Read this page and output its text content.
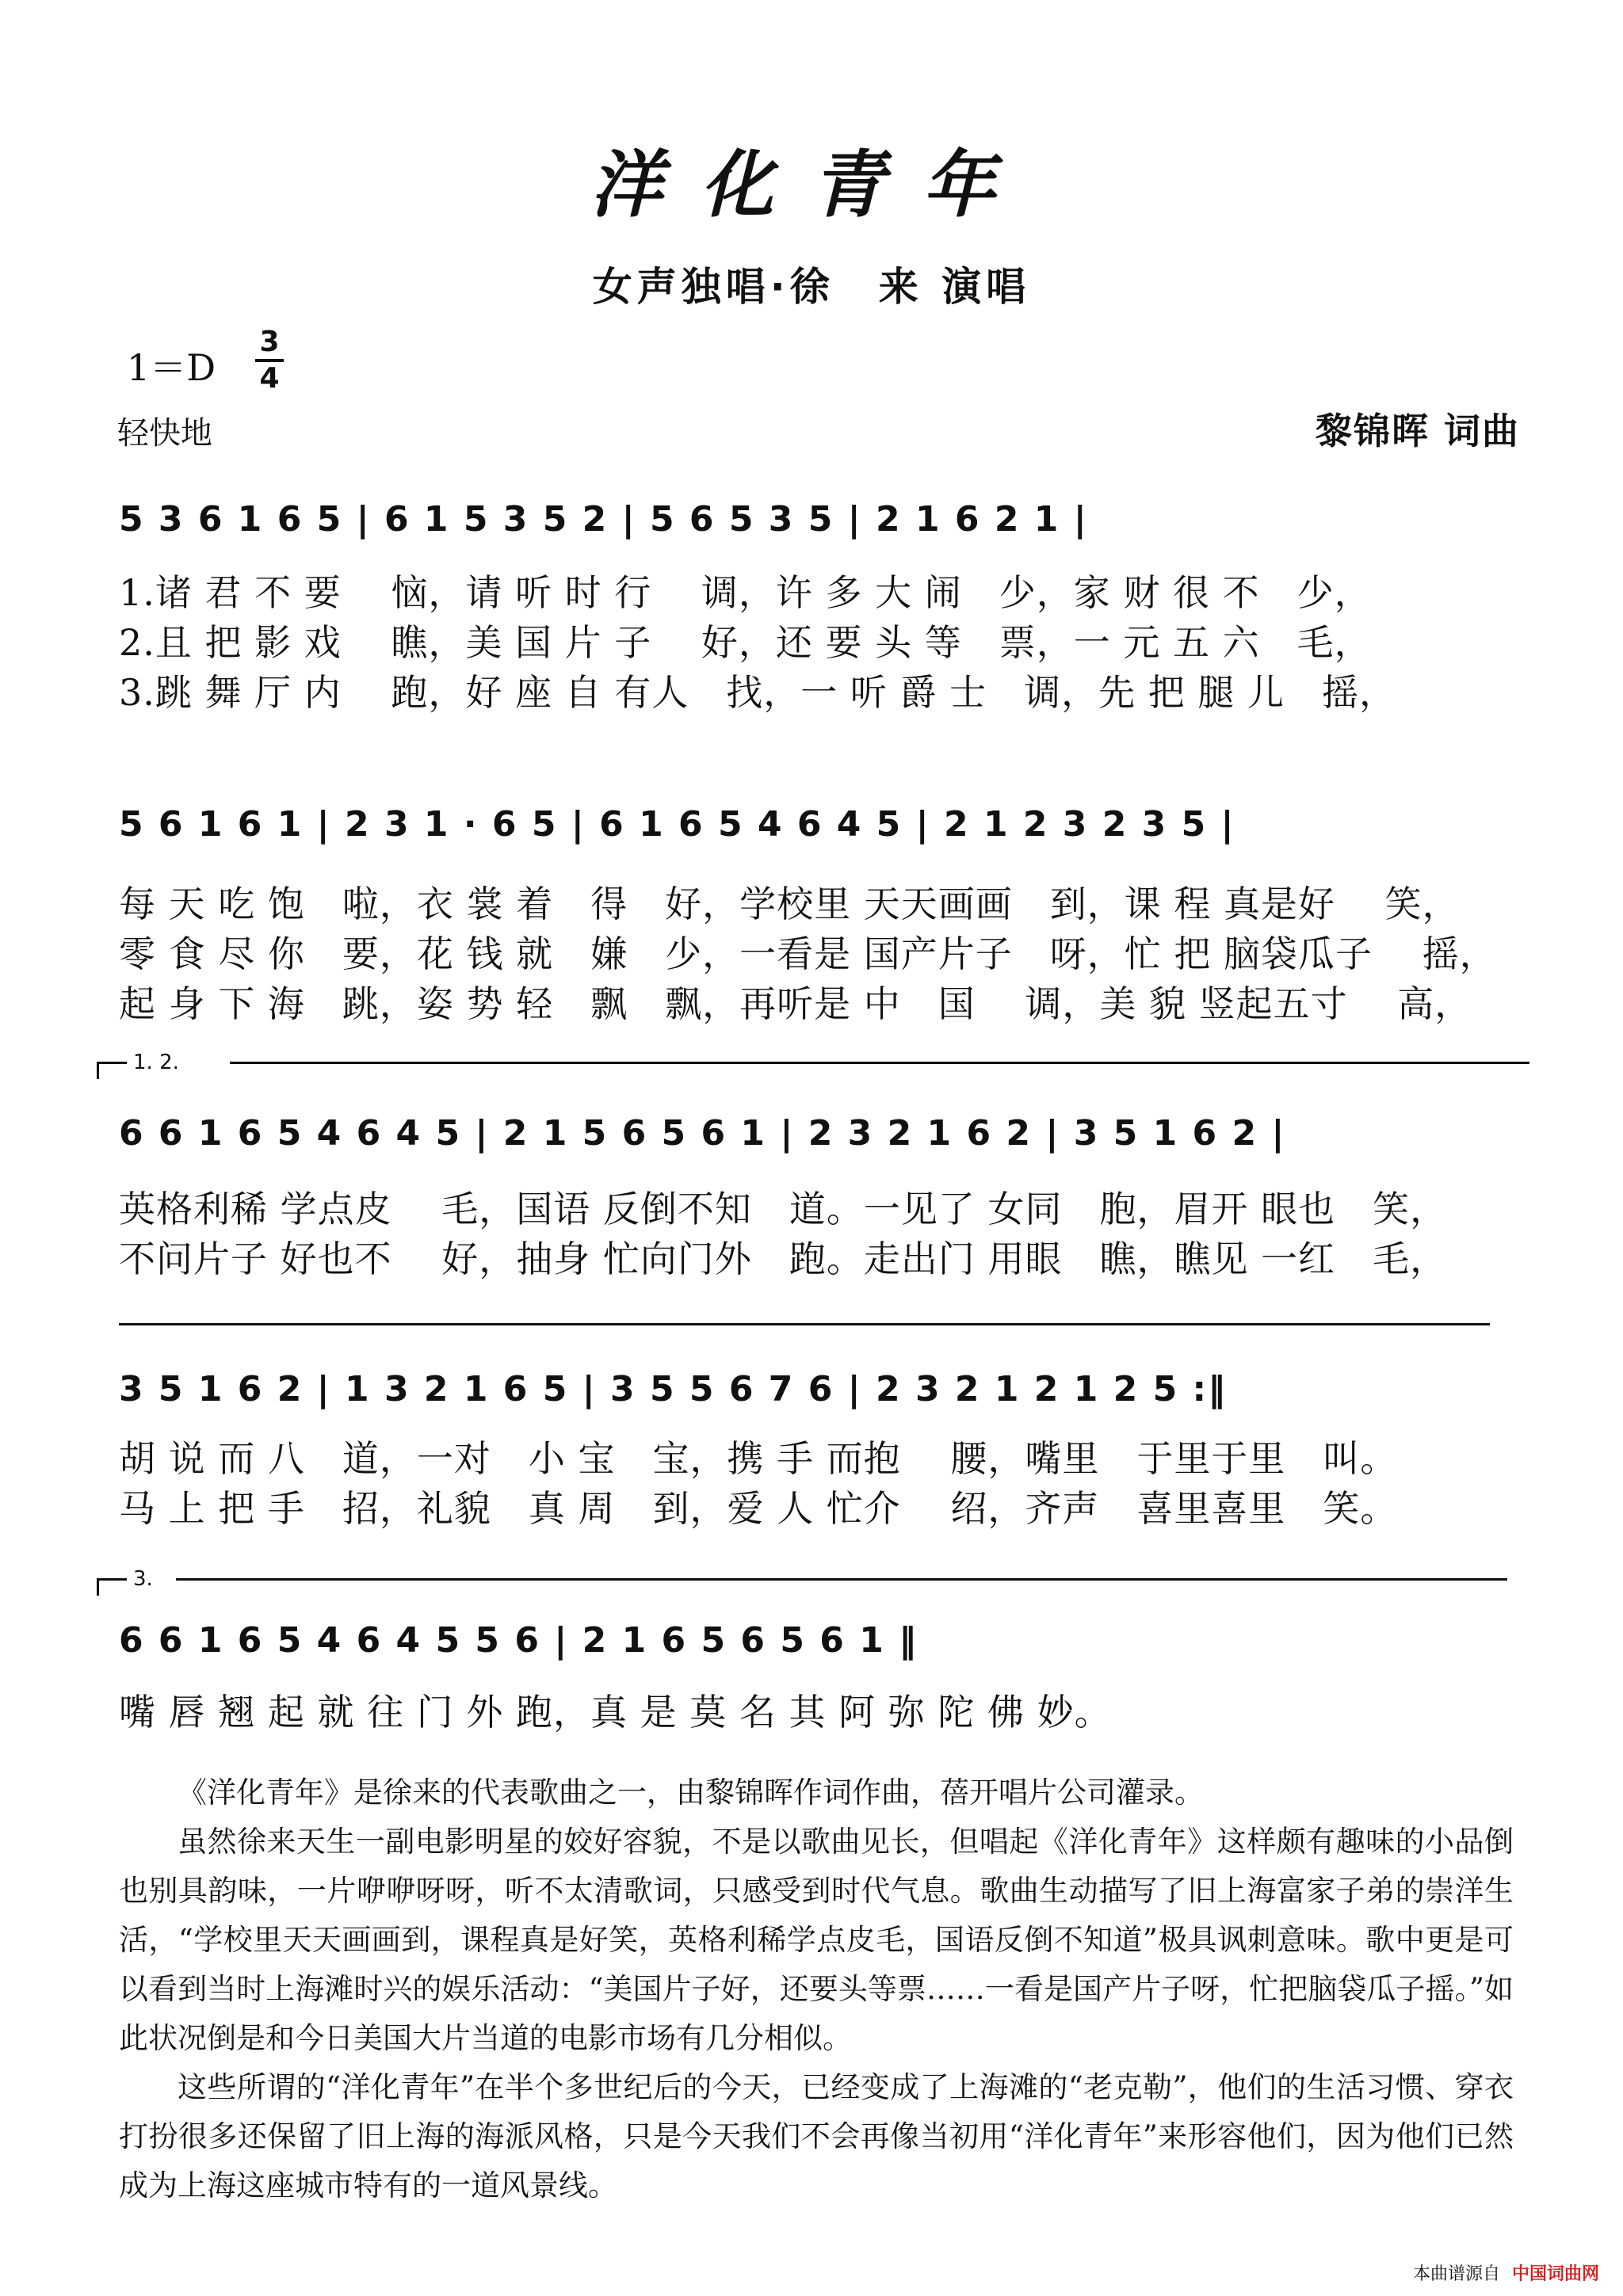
洋化青年
女声独唱·徐　来 演唱
1＝D
3
4
轻快地	黎锦晖 词曲
5 3 6 1 6 5 | 6 1 5 3 5 2 | 5 6 5 3 5 | 2 1 6 2 1 |
1.诸 君 不 要　 恼，请 听 时 行　 调，许 多 大 闹　少，家 财 很 不　少，
2.且 把 影 戏　 瞧，美 国 片 子　 好，还 要 头 等　票，一 元 五 六　毛，
3.跳 舞 厅 内　 跑，好 座 自 有人　找，一 听 爵 士　调，先 把 腿 儿　摇，
5 6 1 6 1 | 2 3 1 · 6 5 | 6 1 6 5 4 6 4 5 | 2 1 2 3 2 3 5 |
每 天 吃 饱　啦，衣 裳 着　得　好，学校里 天天画画　到，课 程 真是好　 笑，
零 食 尽 你　要，花 钱 就　嫌　少，一看是 国产片子　呀，忙 把 脑袋瓜子　 摇，
起 身 下 海　跳，姿 势 轻　飘　飘，再听是 中　国　 调，美 貌 竖起五寸　 高，
1. 2.
6 6 1 6 5 4 6 4 5 | 2 1 5 6 5 6 1 | 2 3 2 1 6 2 | 3 5 1 6 2 |
英格利稀 学点皮　 毛，国语 反倒不知　道。一见了 女同　胞，眉开 眼也　笑，
不问片子 好也不　 好，抽身 忙向门外　跑。走出门 用眼　瞧，瞧见 一红　毛，
3 5 1 6 2 | 1 3 2 1 6 5 | 3 5 5 6 7 6 | 2 3 2 1 2 1 2 5 :‖
胡 说 而 八　道，一对　小 宝　宝，携 手 而抱　 腰，嘴里　于里于里　叫。
马 上 把 手　招，礼貌　真 周　到，爱 人 忙介　 绍，齐声　喜里喜里　笑。
3.
6 6 1 6 5 4 6 4 5 5 6 | 2 1 6 5 6 5 6 1 ‖
嘴 唇 翘 起 就 往 门 外 跑，真 是 莫 名 其 阿 弥 陀 佛 妙。

《洋化青年》是徐来的代表歌曲之一，由黎锦晖作词作曲，蓓开唱片公司灌录。

虽然徐来天生一副电影明星的姣好容貌，不是以歌曲见长，但唱起《洋化青年》这样颇有趣味的小品倒也别具韵味，一片咿咿呀呀，听不太清歌词，只感受到时代气息。歌曲生动描写了旧上海富家子弟的崇洋生活，“学校里天天画画到，课程真是好笑，英格利稀学点皮毛，国语反倒不知道”极具讽刺意味。歌中更是可以看到当时上海滩时兴的娱乐活动：“美国片子好，还要头等票……一看是国产片子呀，忙把脑袋瓜子摇。”如此状况倒是和今日美国大片当道的电影市场有几分相似。

这些所谓的“洋化青年”在半个多世纪后的今天，已经变成了上海滩的“老克勒”，他们的生活习惯、穿衣打扮很多还保留了旧上海的海派风格，只是今天我们不会再像当初用“洋化青年”来形容他们，因为他们已然成为上海这座城市特有的一道风景线。

本曲谱源自 中国词曲网
